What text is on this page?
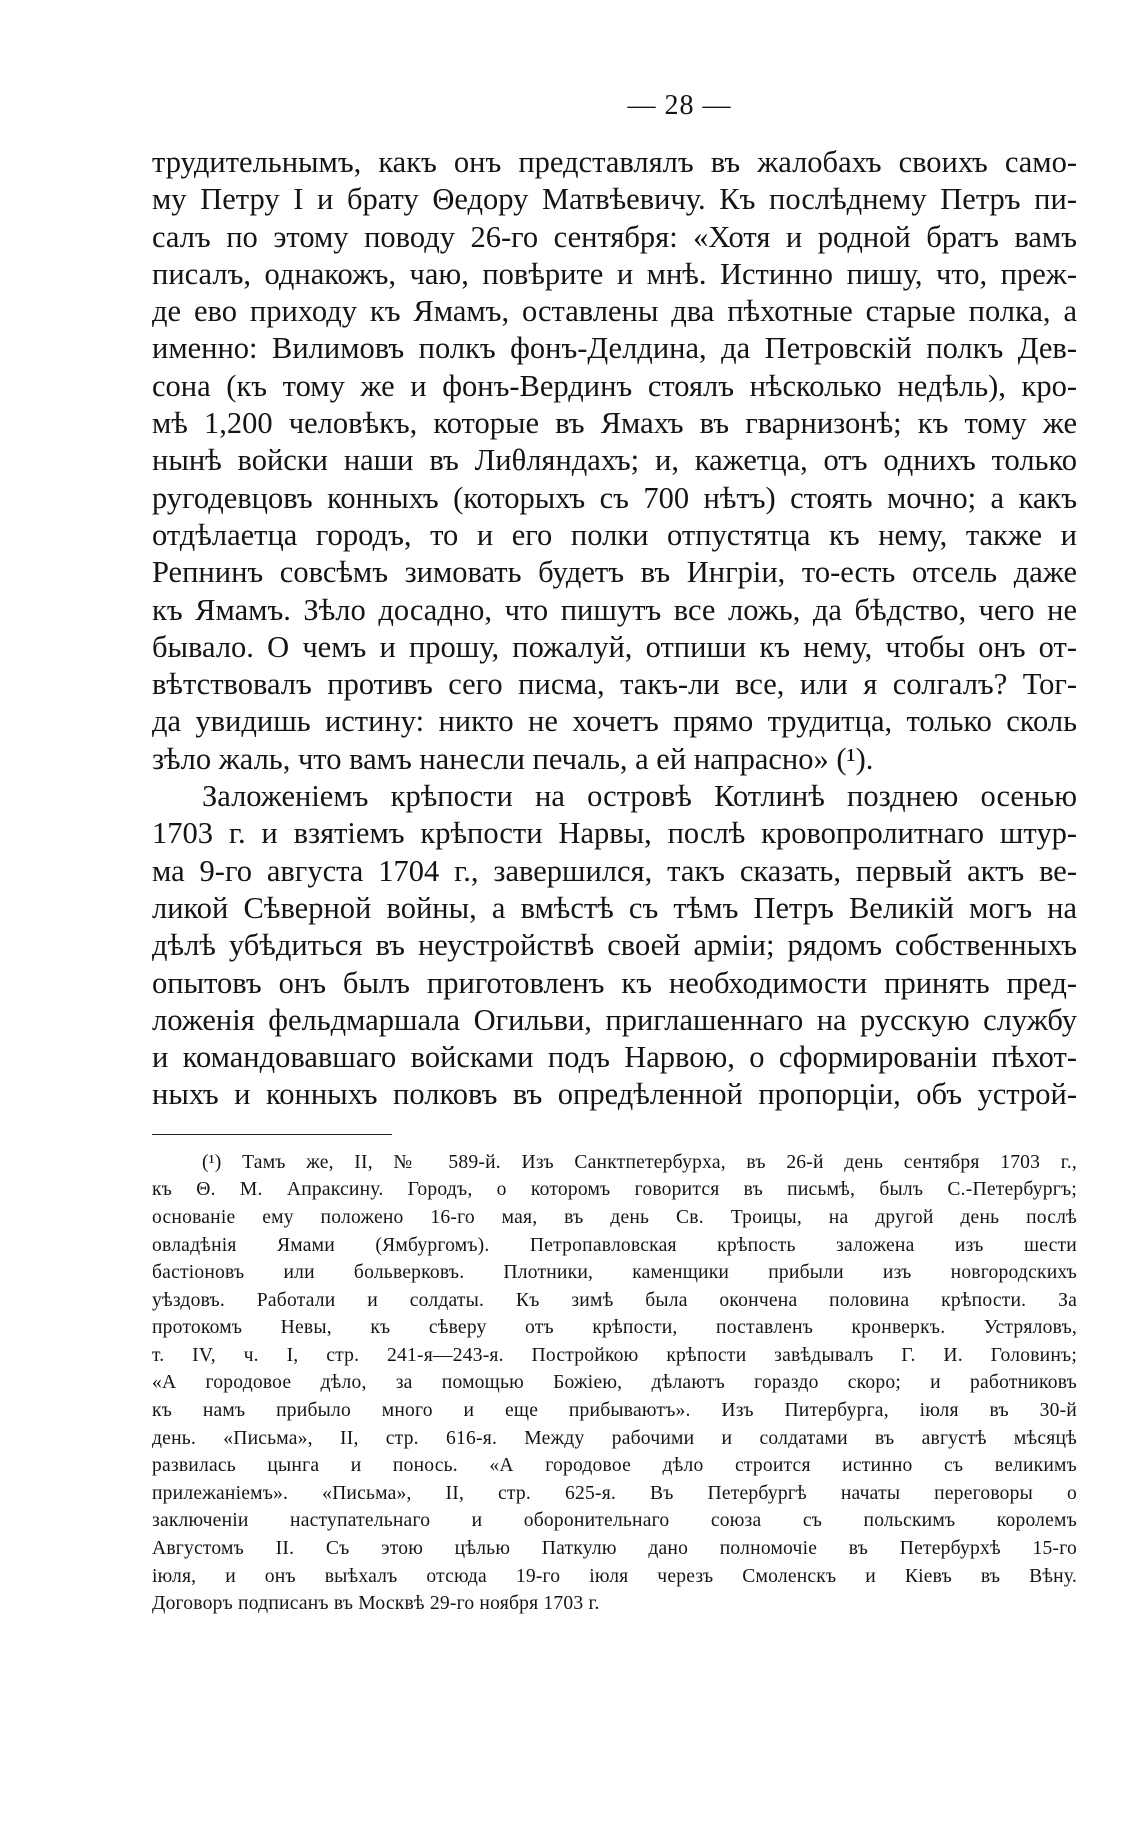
— 28 —
трудительнымъ, какъ онъ представлялъ въ жалобахъ своихъ само-
му Петру I и брату Θедору Матвѣевичу. Къ послѣднему Петръ пи-
салъ по этому поводу 26-го сентября: «Хотя и родной братъ вамъ
писалъ, однакожъ, чаю, повѣрите и мнѣ. Истинно пишу, что, преж-
де ево приходу къ Ямамъ, оставлены два пѣхотные старые полка, а
именно: Вилимовъ полкъ фонъ-Делдина, да Петровскій полкъ Дев-
сона (къ тому же и фонъ-Вердинъ стоялъ нѣсколько недѣль), кро-
мѣ 1,200 человѣкъ, которые въ Ямахъ въ гварнизонѣ; къ тому же
нынѣ войски наши въ Лиθляндахъ; и, кажетца, отъ однихъ только
ругодевцовъ конныхъ (которыхъ съ 700 нѣтъ) стоять мочно; а какъ
отдѣлаетца городъ, то и его полки отпустятца къ нему, также и
Репнинъ совсѣмъ зимовать будетъ въ Ингріи, то-есть отсель даже
къ Ямамъ. Зѣло досадно, что пишутъ все ложь, да бѣдство, чего не
бывало. О чемъ и прошу, пожалуй, отпиши къ нему, чтобы онъ от-
вѣтствовалъ противъ сего писма, такъ-ли все, или я солгалъ? Тог-
да увидишь истину: никто не хочетъ прямо трудитца, только сколь
зѣло жаль, что вамъ нанесли печаль, а ей напрасно» (¹).
Заложеніемъ крѣпости на островѣ Котлинѣ позднею осенью
1703 г. и взятіемъ крѣпости Нарвы, послѣ кровопролитнаго штур-
ма 9-го августа 1704 г., завершился, такъ сказать, первый актъ ве-
ликой Сѣверной войны, а вмѣстѣ съ тѣмъ Петръ Великій могъ на
дѣлѣ убѣдиться въ неустройствѣ своей арміи; рядомъ собственныхъ
опытовъ онъ былъ приготовленъ къ необходимости принять пред-
ложенія фельдмаршала Огильви, приглашеннаго на русскую службу
и командовавшаго войсками подъ Нарвою, о сформированіи пѣхот-
ныхъ и конныхъ полковъ въ опредѣленной пропорціи, объ устрой-
(¹) Тамъ же, II, № 589-й. Изъ Санктпетербурха, въ 26-й день сентября 1703 г.,
къ Θ. М. Апраксину. Городъ, о которомъ говорится въ письмѣ, былъ С.-Петербургъ;
основаніе ему положено 16-го мая, въ день Св. Троицы, на другой день послѣ
овладѣнія Ямами (Ямбургомъ). Петропавловская крѣпость заложена изъ шести
бастіоновъ или больверковъ. Плотники, каменщики прибыли изъ новгородскихъ
уѣздовъ. Работали и солдаты. Къ зимѣ была окончена половина крѣпости. За
протокомъ Невы, къ сѣверу отъ крѣпости, поставленъ кронверкъ. Устряловъ,
т. IV, ч. I, стр. 241-я—243-я. Постройкою крѣпости завѣдывалъ Г. И. Головинъ;
«А городовое дѣло, за помощью Божіею, дѣлаютъ гораздо скоро; и работниковъ
къ намъ прибыло много и еще прибываютъ». Изъ Питербурга, іюля въ 30-й
день. «Письма», II, стр. 616-я. Между рабочими и солдатами въ августѣ мѣсяцѣ
развилась цынга и понось. «А городовое дѣло строится истинно съ великимъ
прилежаніемъ». «Письма», II, стр. 625-я. Въ Петербургѣ начаты переговоры о
заключеніи наступательнаго и оборонительнаго союза съ польскимъ королемъ
Августомъ II. Съ этою цѣлью Паткулю дано полномочіе въ Петербурхѣ 15-го
іюля, и онъ выѣхалъ отсюда 19-го іюля черезъ Смоленскъ и Кіевъ въ Вѣну.
Договоръ подписанъ въ Москвѣ 29-го ноября 1703 г.
